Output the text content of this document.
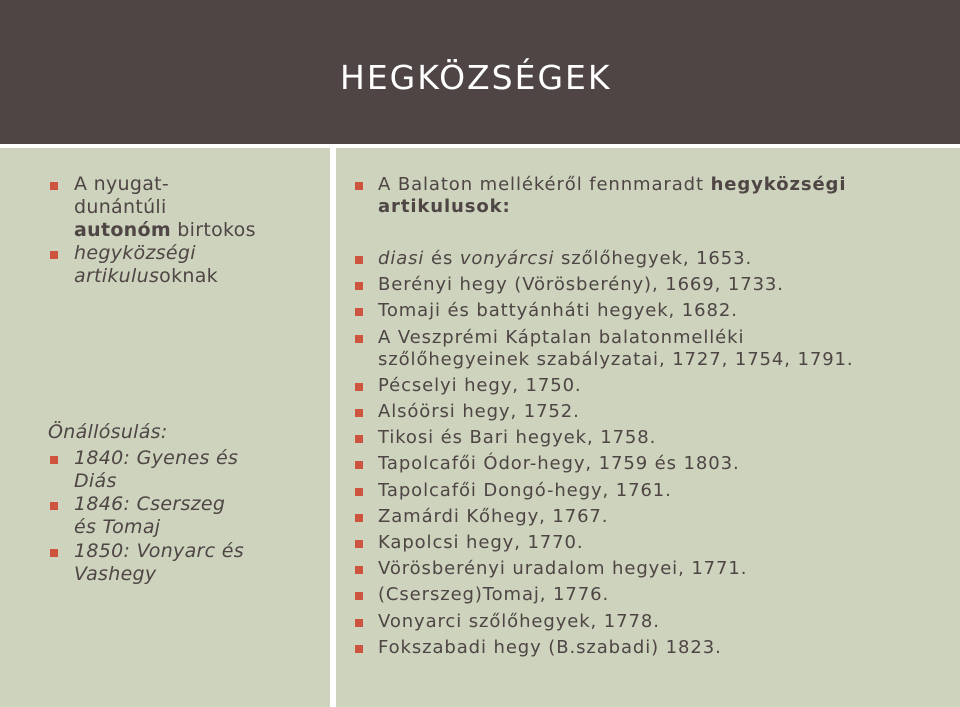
HEGKÖZSÉGEK
A nyugat-
dunántúli
autonóm birtokos
hegyközségi
artikulusoknak
Önállósulás:
1840: Gyenes és
Diás
1846: Cserszeg
és Tomaj
1850: Vonyarc és
Vashegy
A Balaton mellékéről fennmaradt hegyközségi
artikulusok:
diasi és vonyárcsi szőlőhegyek, 1653.
Berényi hegy (Vörösberény), 1669, 1733.
Tomaji és battyánháti hegyek, 1682.
A Veszprémi Káptalan balatonmelléki
szőlőhegyeinek szabályzatai, 1727, 1754, 1791.
Pécselyi hegy, 1750.
Alsóörsi hegy, 1752.
Tikosi és Bari hegyek, 1758.
Tapolcafői Ódor-hegy, 1759 és 1803.
Tapolcafői Dongó-hegy, 1761.
Zamárdi Kőhegy, 1767.
Kapolcsi hegy, 1770.
Vörösberényi uradalom hegyei, 1771.
(Cserszeg)Tomaj, 1776.
Vonyarci szőlőhegyek, 1778.
Fokszabadi hegy (B.szabadi) 1823.
